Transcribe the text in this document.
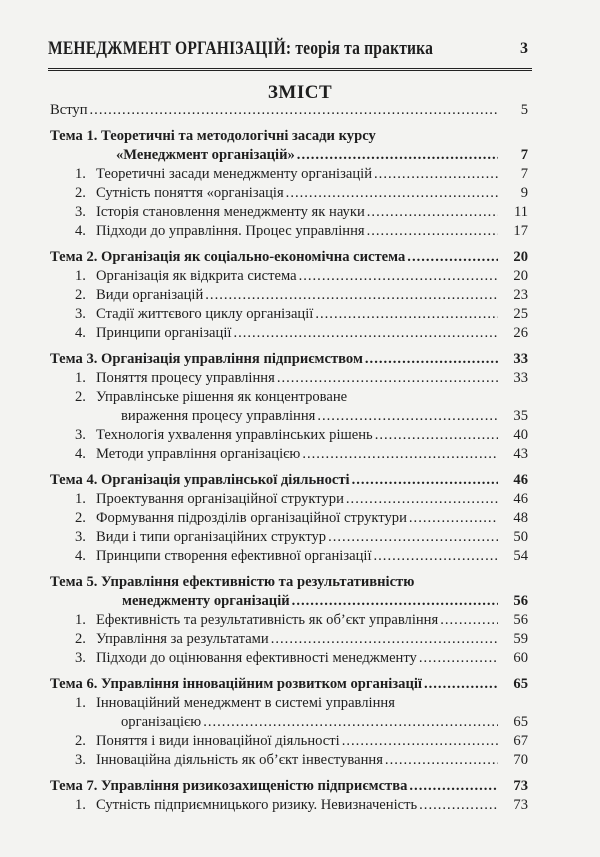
МЕНЕДЖМЕНТ ОРГАНІЗАЦІЙ: теорія та практика	3
ЗМІСТ
Вступ .....	5
Тема 1. Теоретичні та методологічні засади курсу
«Менеджмент організацій» .....	7
1. Теоретичні засади менеджменту організацій .....	7
2. Сутність поняття «організація .....	9
3. Історія становлення менеджменту як науки .....	11
4. Підходи до управління. Процес управління .....	17
Тема 2. Організація як соціально-економічна система .....	20
1. Організація як відкрита система .....	20
2. Види організацій .....	23
3. Стадії життєвого циклу організації .....	25
4. Принципи організації .....	26
Тема 3. Організація управління підприємством .....	33
1. Поняття процесу управління .....	33
2. Управлінське рішення як концентроване
вираження процесу управління .....	35
3. Технологія ухвалення управлінських рішень .....	40
4. Методи управління організацією .....	43
Тема 4. Організація управлінської діяльності .....	46
1. Проектування організаційної структури .....	46
2. Формування підрозділів організаційної структури .....	48
3. Види і типи організаційних структур .....	50
4. Принципи створення ефективної організації .....	54
Тема 5. Управління ефективністю та результативністю
менеджменту організацій .....	56
1. Ефективність та результативність як об’єкт управління .....	56
2. Управління за результатами .....	59
3. Підходи до оцінювання ефективності менеджменту .....	60
Тема 6. Управління інноваційним розвитком організації .....	65
1. Інноваційний менеджмент в системі управління
організацією .....	65
2. Поняття і види інноваційної діяльності .....	67
3. Інноваційна діяльність як об’єкт інвестування .....	70
Тема 7. Управління ризикозахищеністю підприємства .....	73
1. Сутність підприємницького ризику. Невизначеність .....	73
